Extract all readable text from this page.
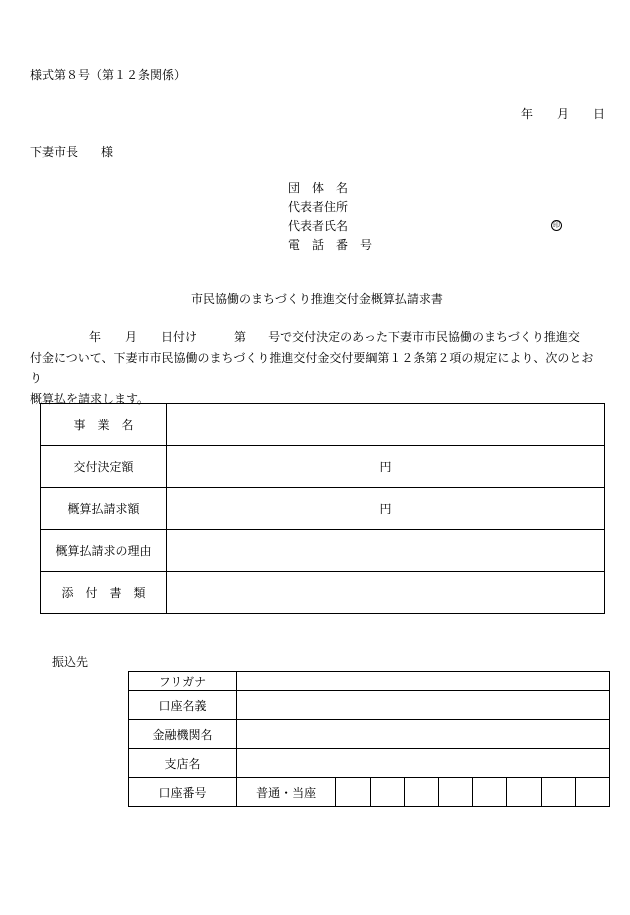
様式第８号（第１２条関係）
年 月 日
下妻市長 様
団　体　名
代表者住所
代表者氏名	印
電　話　番　号
市民協働のまちづくり推進交付金概算払請求書
年 月 日付け	第 号で交付決定のあった下妻市市民協働のまちづくり推進交
付金について、下妻市市民協働のまちづくり推進交付金交付要綱第１２条第２項の規定により、次のとおり
概算払を請求します。
事　業　名	
交付決定額	円
概算払請求額	円
概算払請求の理由	
添　付　書　類	
振込先
フリガナ									
口座名義									
金融機関名									
支店名									
口座番号	普通・当座								
